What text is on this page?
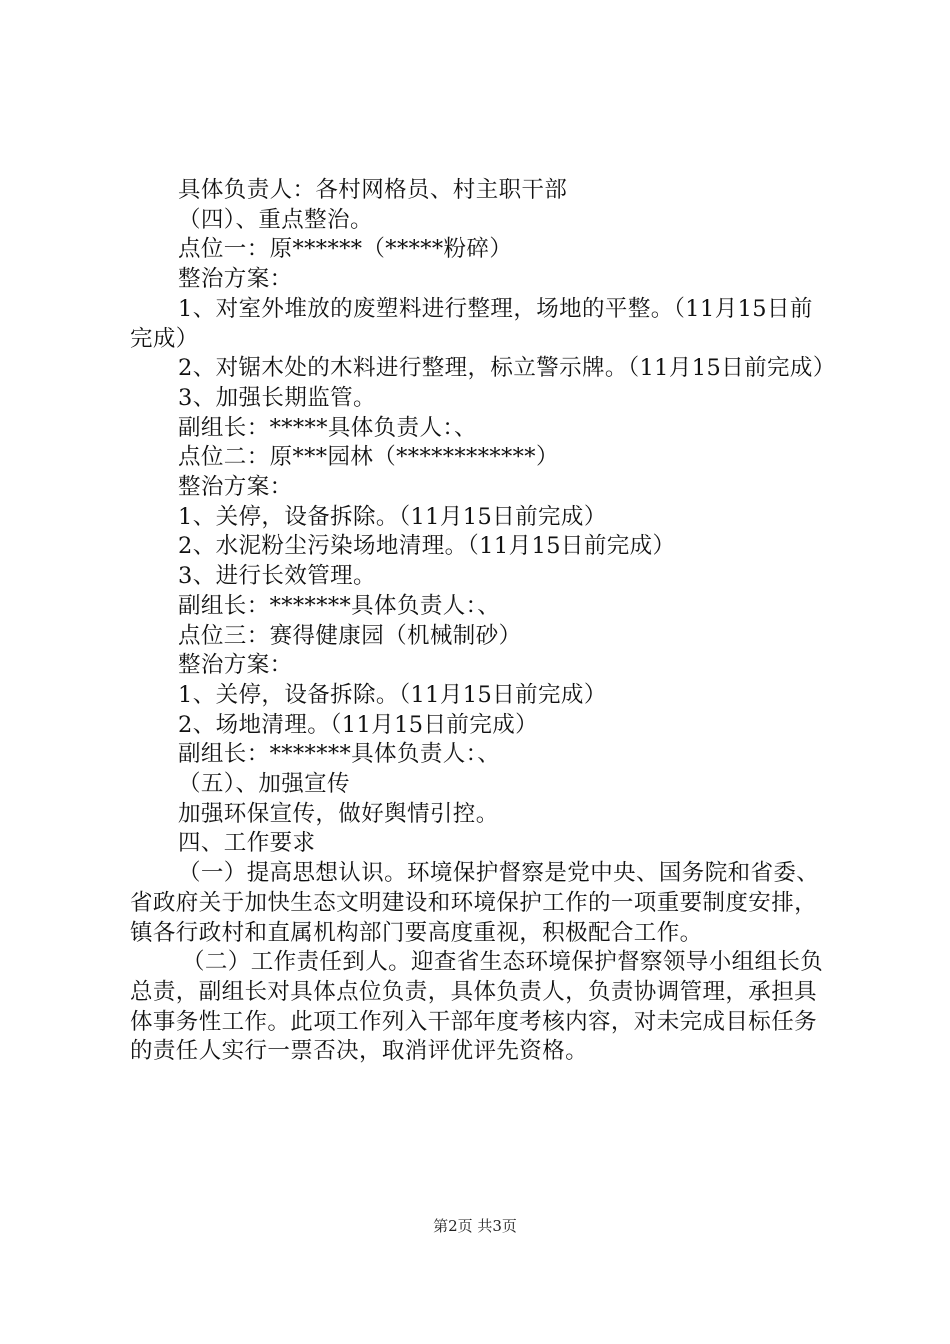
具体负责人：各村网格员、村主职干部

（四）、重点整治。

点位一：原******（*****粉碎）

整治方案：

1、对室外堆放的废塑料进行整理，场地的平整。（11月15日前完成）

2、对锯木处的木料进行整理，标立警示牌。（11月15日前完成）

3、加强长期监管。

副组长：*****具体负责人：、

点位二：原***园林（************）

整治方案：

1、关停，设备拆除。（11月15日前完成）

2、水泥粉尘污染场地清理。（11月15日前完成）

3、进行长效管理。

副组长：*******具体负责人：、

点位三：赛得健康园（机械制砂）

整治方案：

1、关停，设备拆除。（11月15日前完成）

2、场地清理。（11月15日前完成）

副组长：*******具体负责人：、

（五）、加强宣传

加强环保宣传，做好舆情引控。

四、工作要求

（一）提高思想认识。环境保护督察是党中央、国务院和省委、省政府关于加快生态文明建设和环境保护工作的一项重要制度安排，镇各行政村和直属机构部门要高度重视，积极配合工作。

（二）工作责任到人。迎查省生态环境保护督察领导小组组长负总责，副组长对具体点位负责，具体负责人，负责协调管理，承担具体事务性工作。此项工作列入干部年度考核内容，对未完成目标任务的责任人实行一票否决，取消评优评先资格。

第2页 共3页
